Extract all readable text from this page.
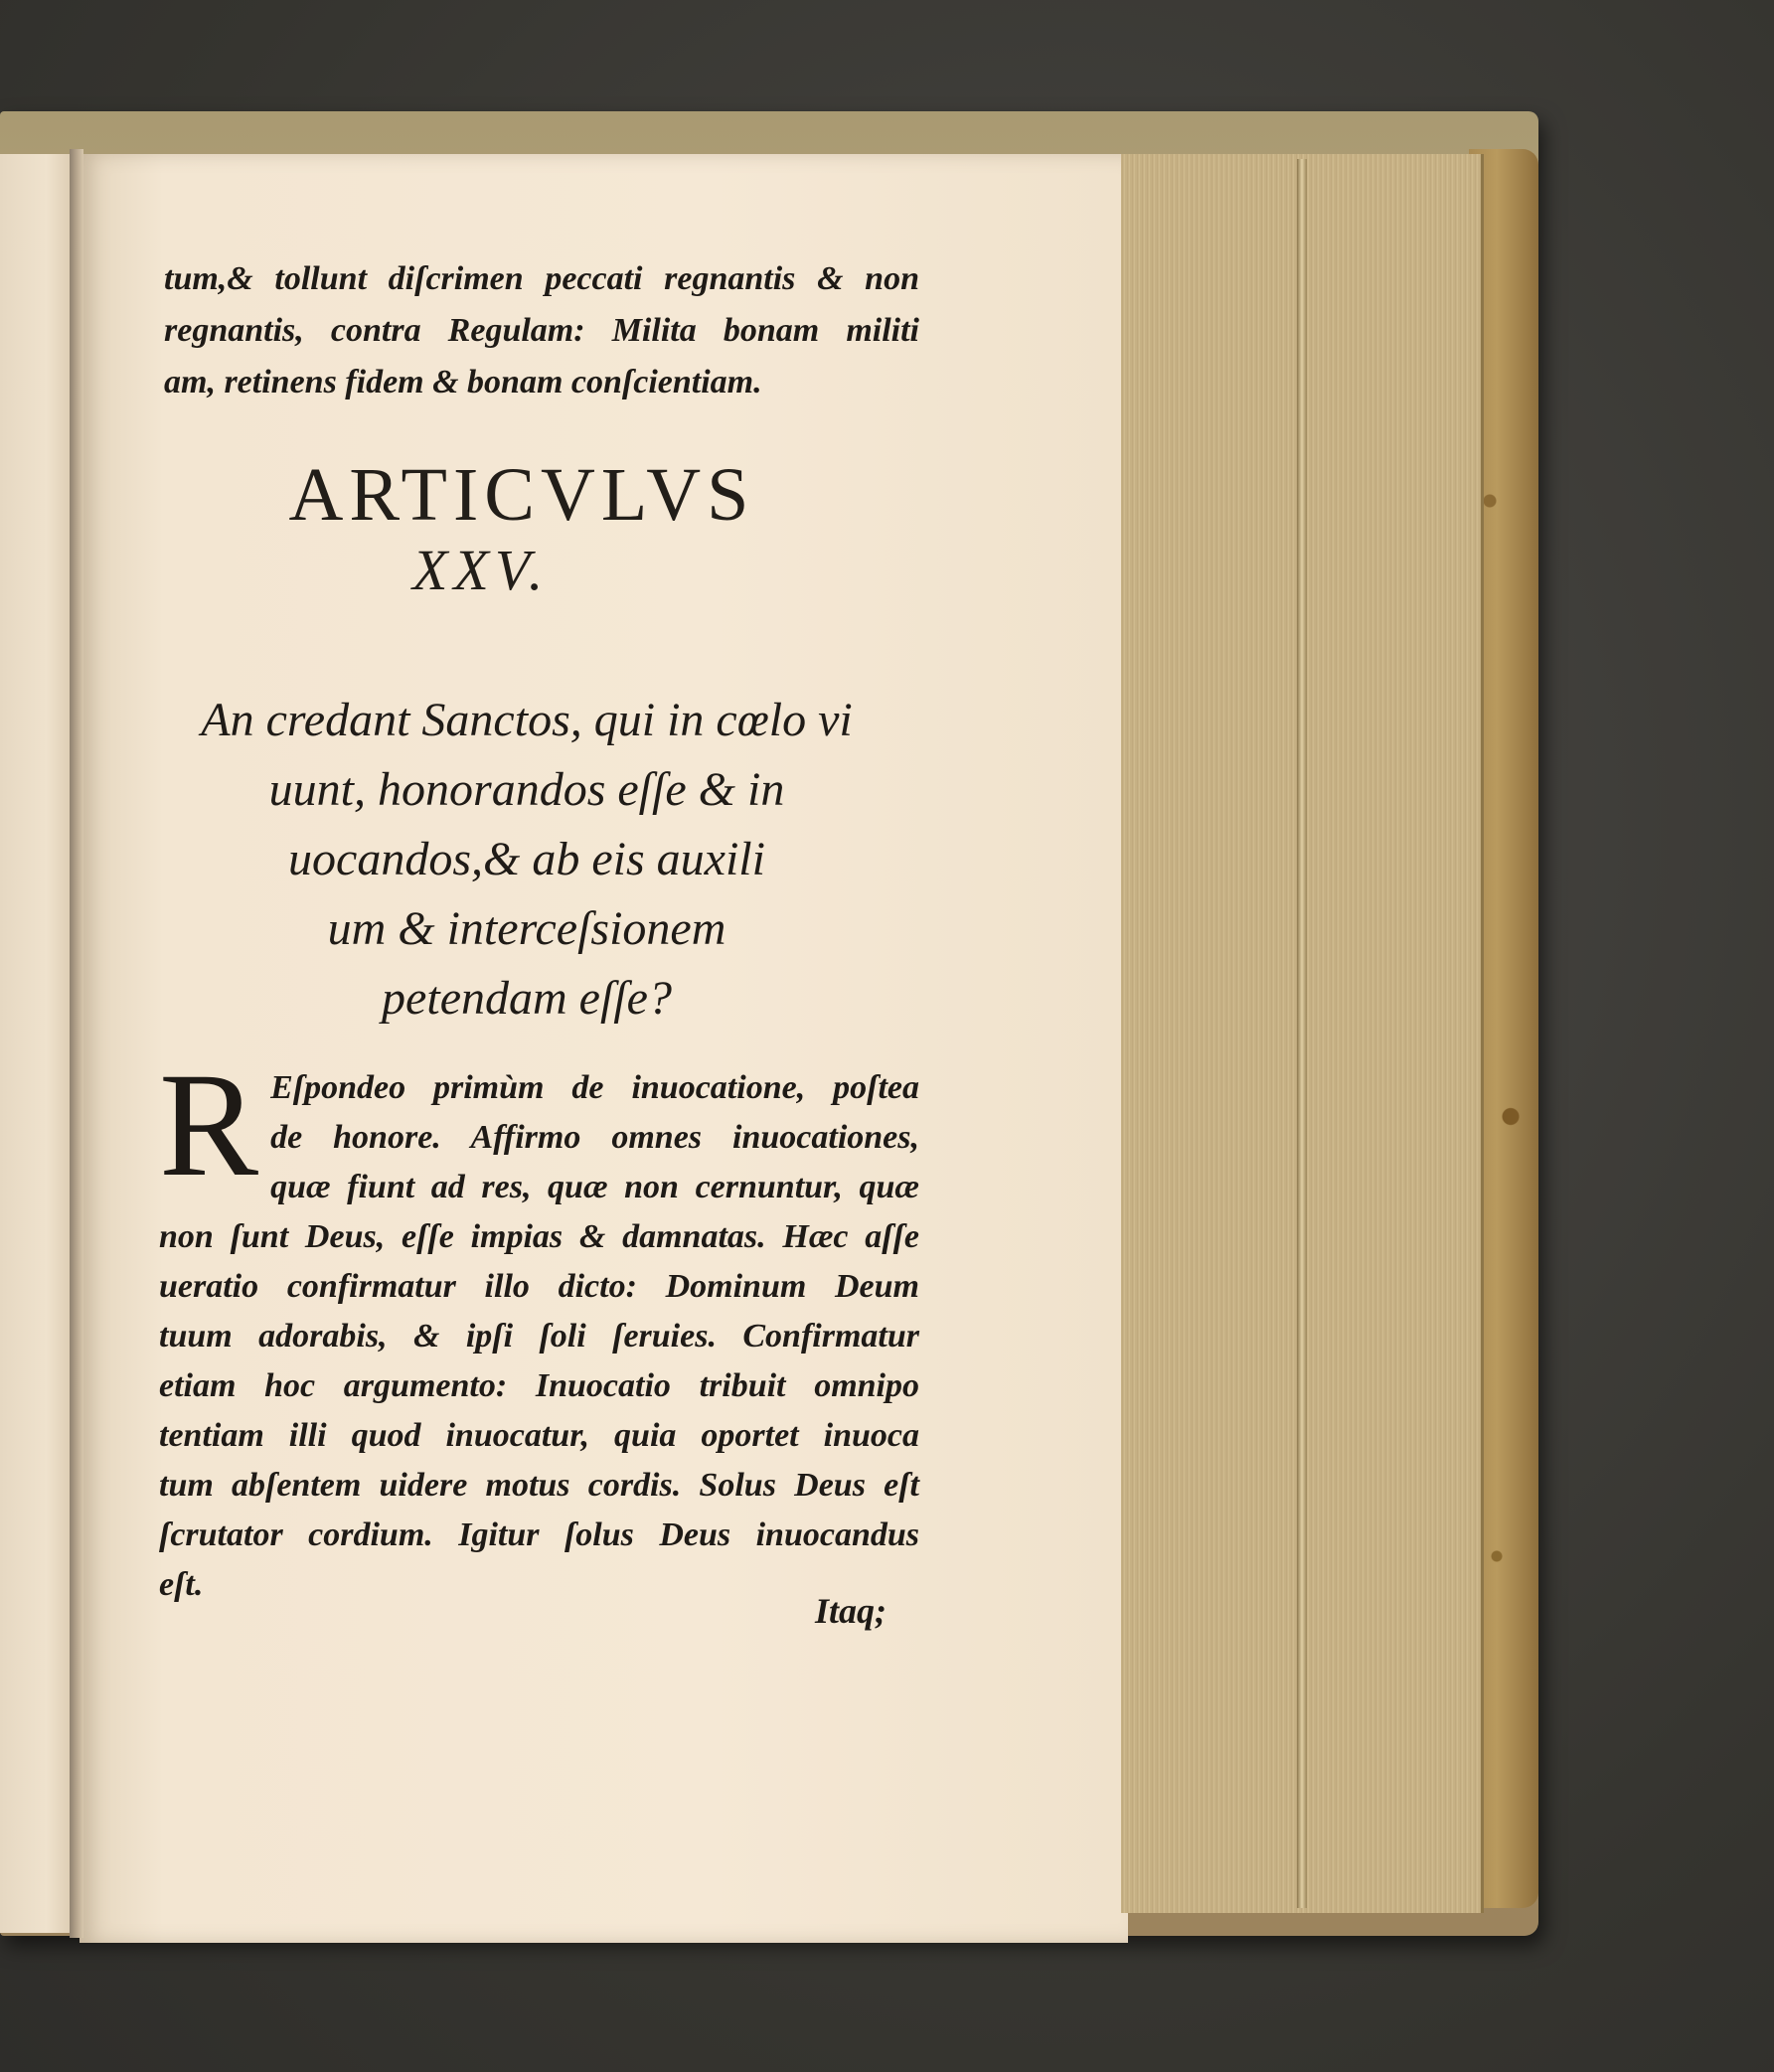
tum,& tollunt diſcrimen peccati regnantis & non
regnantis, contra Regulam: Milita bonam militi
am, retinens fidem & bonam conſcientiam.
ARTICVLVS
XXV.
An credant Sanctos, qui in cœlo vi
uunt, honorandos eſſe & in
uocandos,& ab eis auxili
um & interceſsionem
petendam eſſe?
R Eſpondeo primùm de inuocatione, poſtea
de honore. Affirmo omnes inuocationes,
quæ fiunt ad res, quæ non cernuntur, quæ
non ſunt Deus, eſſe impias & damnatas. Hæc aſſe
ueratio confirmatur illo dicto: Dominum Deum
tuum adorabis, & ipſi ſoli ſeruies. Confirmatur
etiam hoc argumento: Inuocatio tribuit omnipo
tentiam illi quod inuocatur, quia oportet inuoca
tum abſentem uidere motus cordis. Solus Deus eſt
ſcrutator cordium. Igitur ſolus Deus inuocandus
eſt.
Itaq;
